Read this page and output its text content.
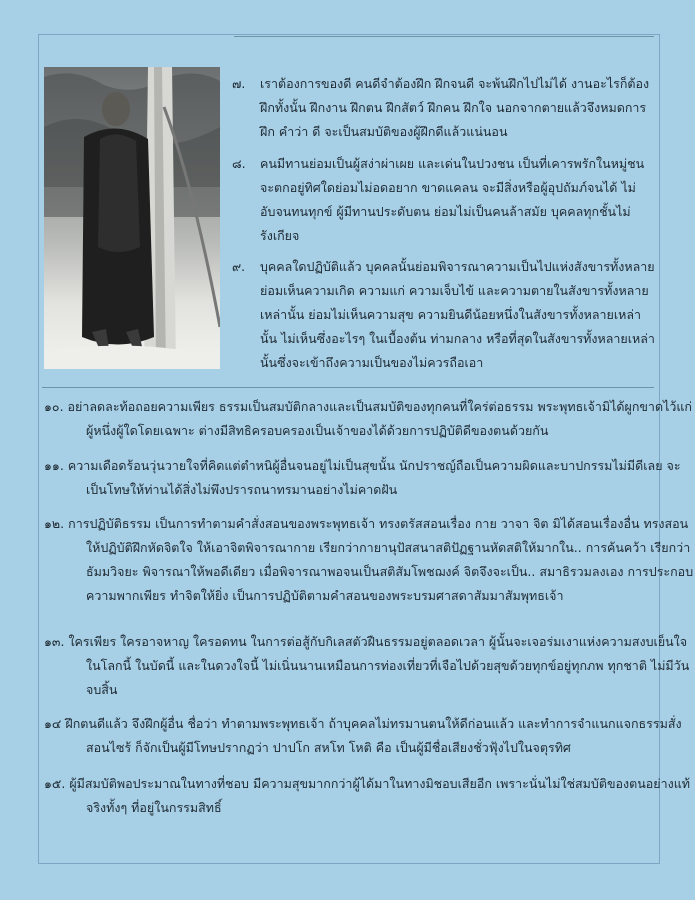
๗.	เราต้องการของดี คนดีจำต้องฝึก ฝึกจนดี จะพ้นฝึกไปไม่ได้ งานอะไรก็ต้องฝึกทั้งนั้น ฝึกงาน ฝึกตน ฝึกสัตว์ ฝึกคน ฝึกใจ นอกจากตายแล้วจึงหมดการฝึก คำว่า ดี จะเป็นสมบัติของผู้ฝึกดีแล้วแน่นอน

๘.	คนมีทานย่อมเป็นผู้สง่าผ่าเผย และเด่นในปวงชน เป็นที่เคารพรักในหมู่ชน จะตกอยู่ทิศใดย่อมไม่อดอยาก ขาดแคลน จะมีสิ่งหรือผู้อุปถัมภ์จนได้ ไม่อับจนทนทุกข์ ผู้มีทานประดับตน ย่อมไม่เป็นคนล้าสมัย บุคคลทุกชั้นไม่รังเกียจ

๙.	บุคคลใดปฏิบัติแล้ว บุคคลนั้นย่อมพิจารณาความเป็นไปแห่งสังขารทั้งหลาย ย่อมเห็นความเกิด ความแก่ ความเจ็บไข้ และความตายในสังขารทั้งหลายเหล่านั้น ย่อมไม่เห็นความสุข ความยินดีน้อยหนึ่งในสังขารทั้งหลายเหล่านั้น ไม่เห็นซึ่งอะไรๆ ในเบื้องต้น ท่ามกลาง หรือที่สุดในสังขารทั้งหลายเหล่านั้นซึ่งจะเข้าถึงความเป็นของไม่ควรถือเอา

๑๐. อย่าลดละท้อถอยความเพียร ธรรมเป็นสมบัติกลางและเป็นสมบัติของทุกคนที่ใคร่ต่อธรรม พระพุทธเจ้ามิได้ผูกขาดไว้แก่ผู้หนึ่งผู้ใดโดยเฉพาะ ต่างมีสิทธิครอบครองเป็นเจ้าของได้ด้วยการปฏิบัติดีของตนด้วยกัน

๑๑. ความเดือดร้อนวุ่นวายใจที่คิดแต่ตำหนิผู้อื่นจนอยู่ไม่เป็นสุขนั้น นักปราชญ์ถือเป็นความผิดและบาปกรรมไม่มีดีเลย จะเป็นโทษให้ท่านได้สิ่งไม่พึงปรารถนาทรมานอย่างไม่คาดฝัน

๑๒. การปฏิบัติธรรม เป็นการทำตามคำสั่งสอนของพระพุทธเจ้า ทรงตรัสสอนเรื่อง กาย วาจา จิต มิได้สอนเรื่องอื่น ทรงสอนให้ปฏิบัติฝึกหัดจิตใจ ให้เอาจิตพิจารณากาย เรียกว่ากายานุปัสสนาสติปัฏฐานหัดสติให้มากใน.. การค้นคว้า เรียกว่าธัมมวิจยะ พิจารณาให้พอดีเดียว เมื่อพิจารณาพอจนเป็นสติสัมโพชฌงค์ จิตจึงจะเป็น.. สมาธิรวมลงเอง การประกอบความพากเพียร ทำจิตให้ยิ่ง เป็นการปฏิบัติตามคำสอนของพระบรมศาสดาสัมมาสัมพุทธเจ้า

๑๓. ใครเพียร ใครอาจหาญ ใครอดทน ในการต่อสู้กับกิเลสตัวฝืนธรรมอยู่ตลอดเวลา ผู้นั้นจะเจอร่มเงาแห่งความสงบเย็นใจในโลกนี้ ในบัดนี้ และในดวงใจนี้ ไม่เนิ่นนานเหมือนการท่องเที่ยวที่เจือไปด้วยสุขด้วยทุกข์อยู่ทุกภพ ทุกชาติ ไม่มีวันจบสิ้น

๑๔ ฝึกตนดีแล้ว จึงฝึกผู้อื่น ชื่อว่า ทำตามพระพุทธเจ้า ถ้าบุคคลไม่ทรมานตนให้ดีก่อนแล้ว และทำการจำแนกแจกธรรมสั่งสอนไซร้ ก็จักเป็นผู้มีโทษปรากฏว่า ปาปโก สหโท โหติ คือ เป็นผู้มีชื่อเสียงชั่วฟุ้งไปในจตุรทิศ

๑๕. ผู้มีสมบัติพอประมาณในทางที่ชอบ มีความสุขมากกว่าผู้ได้มาในทางมิชอบเสียอีก เพราะนั่นไม่ใช่สมบัติของตนอย่างแท้จริงทั้งๆ ที่อยู่ในกรรมสิทธิ์
